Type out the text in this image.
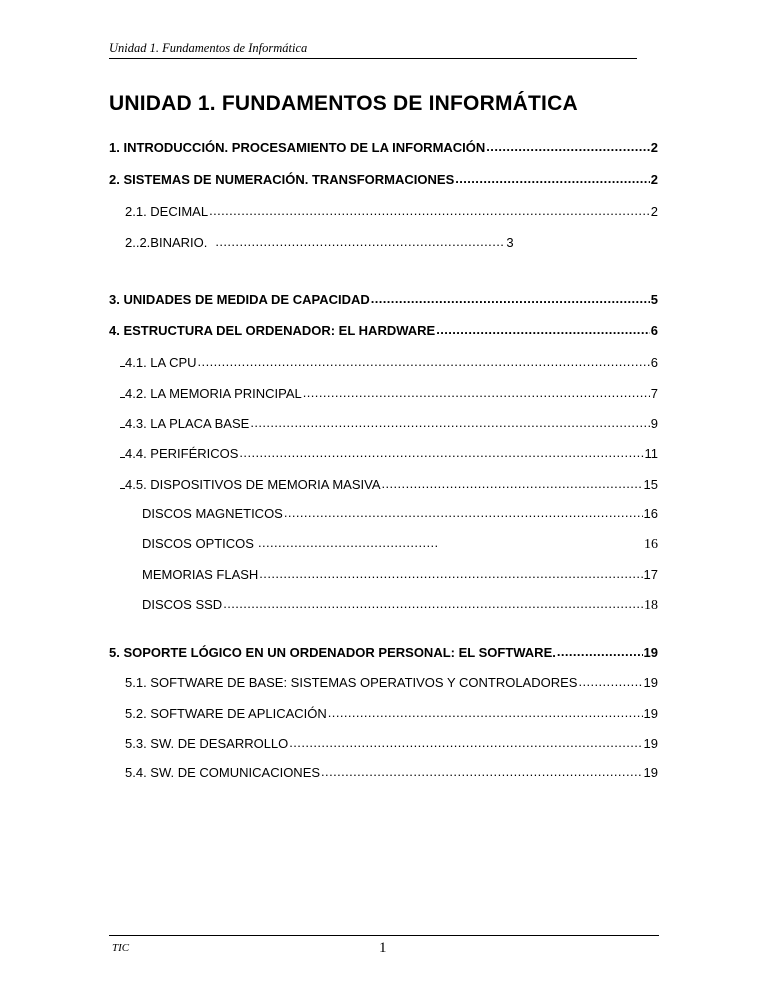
Unidad 1. Fundamentos de Informática
UNIDAD 1. FUNDAMENTOS DE INFORMÁTICA
1. INTRODUCCIÓN. PROCESAMIENTO DE LA INFORMACIÓN .....	2
2. SISTEMAS DE NUMERACIÓN. TRANSFORMACIONES .....	2
2.1. DECIMAL .....	2
2..2.BINARIO. .....	3
3. UNIDADES DE MEDIDA DE CAPACIDAD .....	5
4. ESTRUCTURA DEL ORDENADOR: EL HARDWARE .....	6
4.1. LA CPU .....	6
4.2. LA MEMORIA PRINCIPAL .....	7
4.3. LA PLACA BASE .....	9
4.4. PERIFÉRICOS .....	11
4.5. DISPOSITIVOS DE MEMORIA MASIVA .....	15
DISCOS MAGNETICOS .....	16
DISCOS OPTICOS .....	16
MEMORIAS FLASH .....	17
DISCOS SSD .....	18
5. SOPORTE LÓGICO EN UN ORDENADOR PERSONAL: EL SOFTWARE. .....	19
5.1. SOFTWARE DE BASE: SISTEMAS OPERATIVOS Y CONTROLADORES .....	19
5.2. SOFTWARE DE APLICACIÓN .....	19
5.3. SW. DE DESARROLLO .....	19
5.4. SW. DE COMUNICACIONES .....	19
TIC	1
